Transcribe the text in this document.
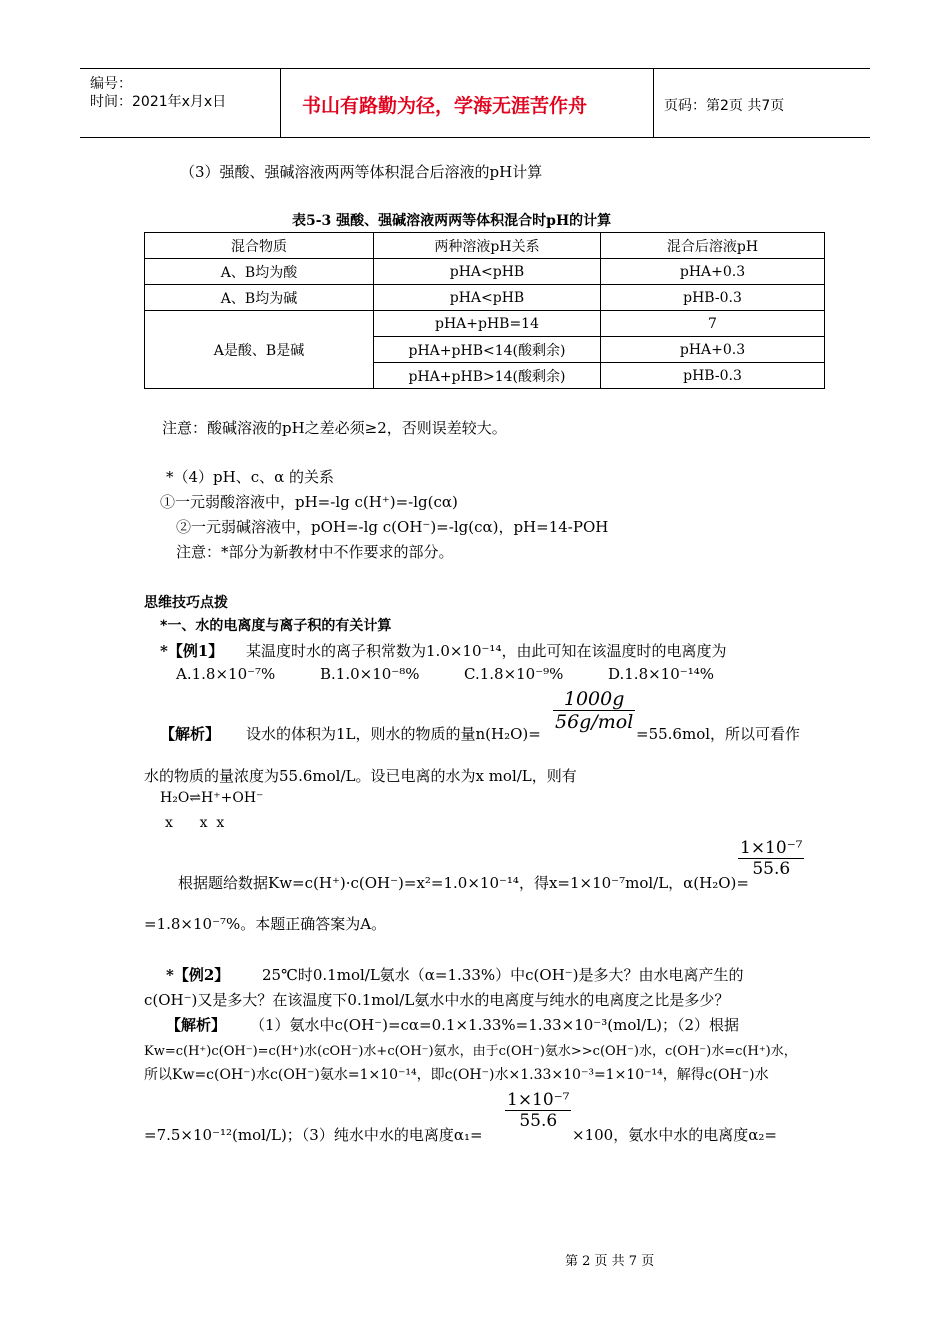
编号：
时间：2021年x月x日	书山有路勤为径，学海无涯苦作舟	页码：第2页 共7页
（3）强酸、强碱溶液两两等体积混合后溶液的pH计算
表5-3 强酸、强碱溶液两两等体积混合时pH的计算
混合物质	两种溶液pH关系	混合后溶液pH
A、B均为酸	pHA<pHB	pHA+0.3
A、B均为碱	pHA<pHB	pHB-0.3
A是酸、B是碱	pHA+pHB=14	7
	pHA+pHB<14(酸剩余)	pHA+0.3
	pHA+pHB>14(酸剩余)	pHB-0.3
注意：酸碱溶液的pH之差必须≥2，否则误差较大。
*（4）pH、c、α 的关系
①一元弱酸溶液中，pH=-lg c(H⁺)=-lg(cα)
②一元弱碱溶液中，pOH=-lg c(OH⁻)=-lg(cα)，pH=14-POH
注意：*部分为新教材中不作要求的部分。
思维技巧点拨
*一、水的电离度与离子积的有关计算
*【例1】 某温度时水的离子积常数为1.0×10⁻¹⁴，由此可知在该温度时的电离度为
A.1.8×10⁻⁷%	B.1.0×10⁻⁸%	C.1.8×10⁻⁹%	D.1.8×10⁻¹⁴%
【解析】 设水的体积为1L，则水的物质的量n(H₂O)=
1000g
56g/mol
=55.6mol，所以可看作
水的物质的量浓度为55.6mol/L。设已电离的水为x mol/L，则有
H₂O⇌H⁺+OH⁻
x      x  x
根据题给数据Kw=c(H⁺)·c(OH⁻)=x²=1.0×10⁻¹⁴，得x=1×10⁻⁷mol/L，α(H₂O)=
$\frac{\text{1×10⁻⁷}}{55.6}$
=1.8×10⁻⁷%。本题正确答案为A。
*【例2】 25℃时0.1mol/L氨水（α=1.33%）中c(OH⁻)是多大？由水电离产生的
c(OH⁻)又是多大？在该温度下0.1mol/L氨水中水的电离度与纯水的电离度之比是多少？
【解析】 （1）氨水中c(OH⁻)=cα=0.1×1.33%=1.33×10⁻³(mol/L)；（2）根据
Kw=c(H⁺)c(OH⁻)=c(H⁺)水(cOH⁻)水+c(OH⁻)氨水，由于c(OH⁻)氨水>>c(OH⁻)水，c(OH⁻)水=c(H⁺)水，
所以Kw=c(OH⁻)水c(OH⁻)氨水=1×10⁻¹⁴，即c(OH⁻)水×1.33×10⁻³=1×10⁻¹⁴，解得c(OH⁻)水
=7.5×10⁻¹²(mol/L)；（3）纯水中水的电离度α₁=
$\frac{\text{1×10⁻⁷}}{55.6}$
×100，氨水中水的电离度α₂=
第 2 页 共 7 页
